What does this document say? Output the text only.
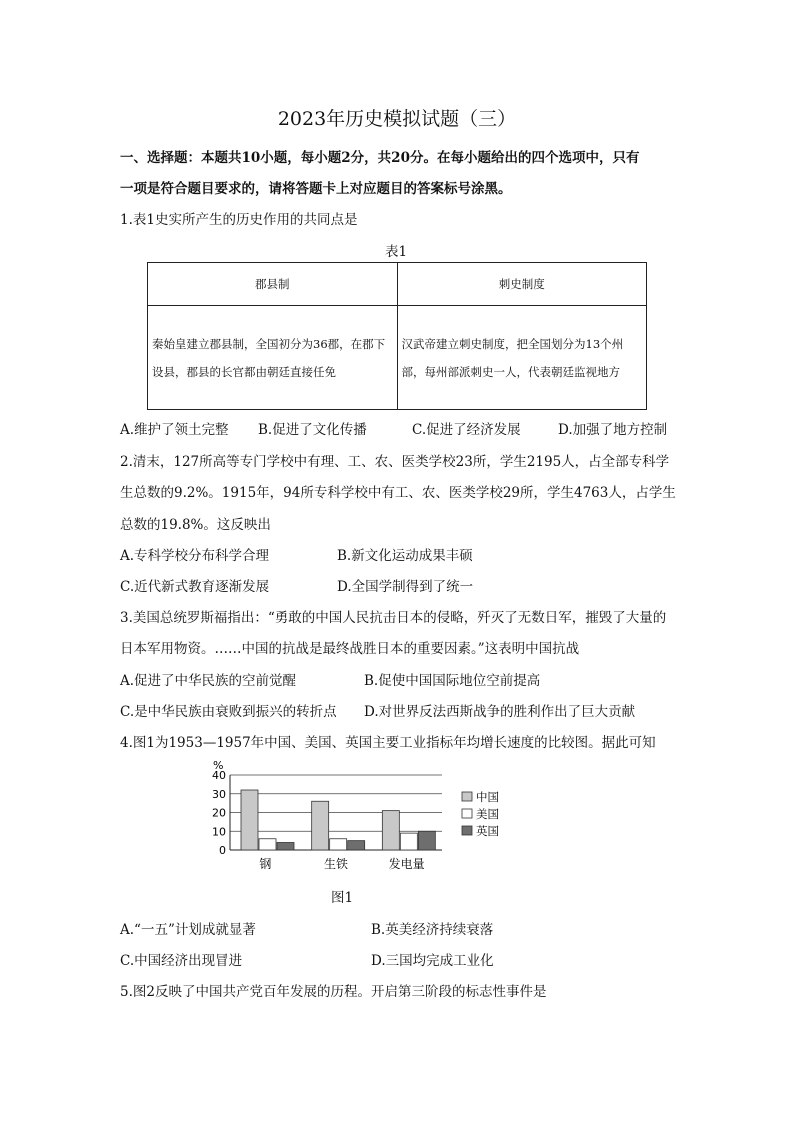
2023年历史模拟试题（三）
一、选择题：本题共10小题，每小题2分，共20分。在每小题给出的四个选项中，只有
一项是符合题目要求的，请将答题卡上对应题目的答案标号涂黑。
1.表1史实所产生的历史作用的共同点是
表1
郡县制	刺史制度
秦始皇建立郡县制，全国初分为36郡，在郡下设县，郡县的长官都由朝廷直接任免	汉武帝建立刺史制度，把全国划分为13个州部，每州部派刺史一人，代表朝廷监视地方
A.维护了领土完整 B.促进了文化传播	C.促进了经济发展	D.加强了地方控制
2.清末，127所高等专门学校中有理、工、农、医类学校23所，学生2195人，占全部专科学
生总数的9.2%。1915年，94所专科学校中有工、农、医类学校29所，学生4763人，占学生
总数的19.8%。这反映出
A.专科学校分布科学合理	B.新文化运动成果丰硕
C.近代新式教育逐渐发展	D.全国学制得到了统一
3.美国总统罗斯福指出：“勇敢的中国人民抗击日本的侵略，歼灭了无数日军，摧毁了大量的
日本军用物资。……中国的抗战是最终战胜日本的重要因素。”这表明中国抗战
A.促进了中华民族的空前觉醒	B.促使中国国际地位空前提高
C.是中华民族由衰败到振兴的转折点 D.对世界反法西斯战争的胜利作出了巨大贡献
4.图1为1953—1957年中国、美国、英国主要工业指标年均增长速度的比较图。据此可知
%
0
10
20
30
40
钢	生铁	发电量
中国
美国
英国
图1
A.“一五”计划成就显著	B.英美经济持续衰落
C.中国经济出现冒进	D.三国均完成工业化
5.图2反映了中国共产党百年发展的历程。开启第三阶段的标志性事件是
